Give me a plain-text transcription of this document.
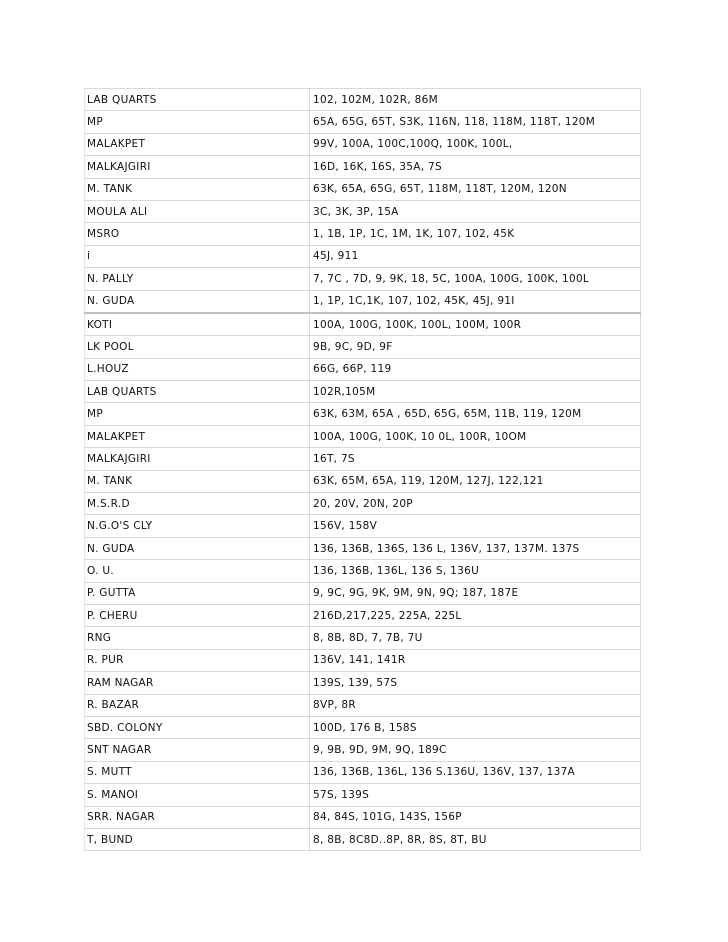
LAB QUARTS	102, 102M, 102R, 86M
MP	65A, 65G, 65T, S3K, 116N, 118, 118M, 118T, 120M
MALAKPET	99V, 100A, 100C,100Q, 100K, 100L,
MALKAJGIRI	16D, 16K, 16S, 35A, 7S
M. TANK	63K, 65A, 65G, 65T, 118M, 118T, 120M, 120N
MOULA ALI	3C, 3K, 3P, 15A
MSRO	1, 1B, 1P, 1C, 1M, 1K, 107, 102, 45K
i	45J, 911
N. PALLY	7, 7C , 7D, 9, 9K, 18, 5C, 100A, 100G, 100K, 100L
N. GUDA	1, 1P, 1C,1K, 107, 102, 45K, 45J, 91I
KOTI	100A, 100G, 100K, 100L, 100M, 100R
LK POOL	9B, 9C, 9D, 9F
L.HOUZ	66G, 66P, 119
LAB QUARTS	102R,105M
MP	63K, 63M, 65A , 65D, 65G, 65M, 11B, 119, 120M
MALAKPET	100A, 100G, 100K, 10 0L, 100R, 10OM
MALKAJGIRI	16T, 7S
M. TANK	63K, 65M, 65A, 119, 120M, 127J, 122,121
M.S.R.D	20, 20V, 20N, 20P
N.G.O'S CLY	156V, 158V
N. GUDA	136, 136B, 136S, 136 L, 136V, 137, 137M. 137S
O. U.	136, 136B, 136L, 136 S, 136U
P. GUTTA	9, 9C, 9G, 9K, 9M, 9N, 9Q; 187, 187E
P. CHERU	216D,217,225, 225A, 225L
RNG	8, 8B, 8D, 7, 7B, 7U
R. PUR	136V, 141, 141R
RAM NAGAR	139S, 139, 57S
R. BAZAR	8VP, 8R
SBD. COLONY	100D, 176 B, 158S
SNT NAGAR	9, 9B, 9D, 9M, 9Q, 189C
S. MUTT	136, 136B, 136L, 136 S.136U, 136V, 137, 137A
S. MANOI	57S, 139S
SRR. NAGAR	84, 84S, 101G, 143S, 156P
T, BUND	8, 8B, 8C8D..8P, 8R, 8S, 8T, BU
